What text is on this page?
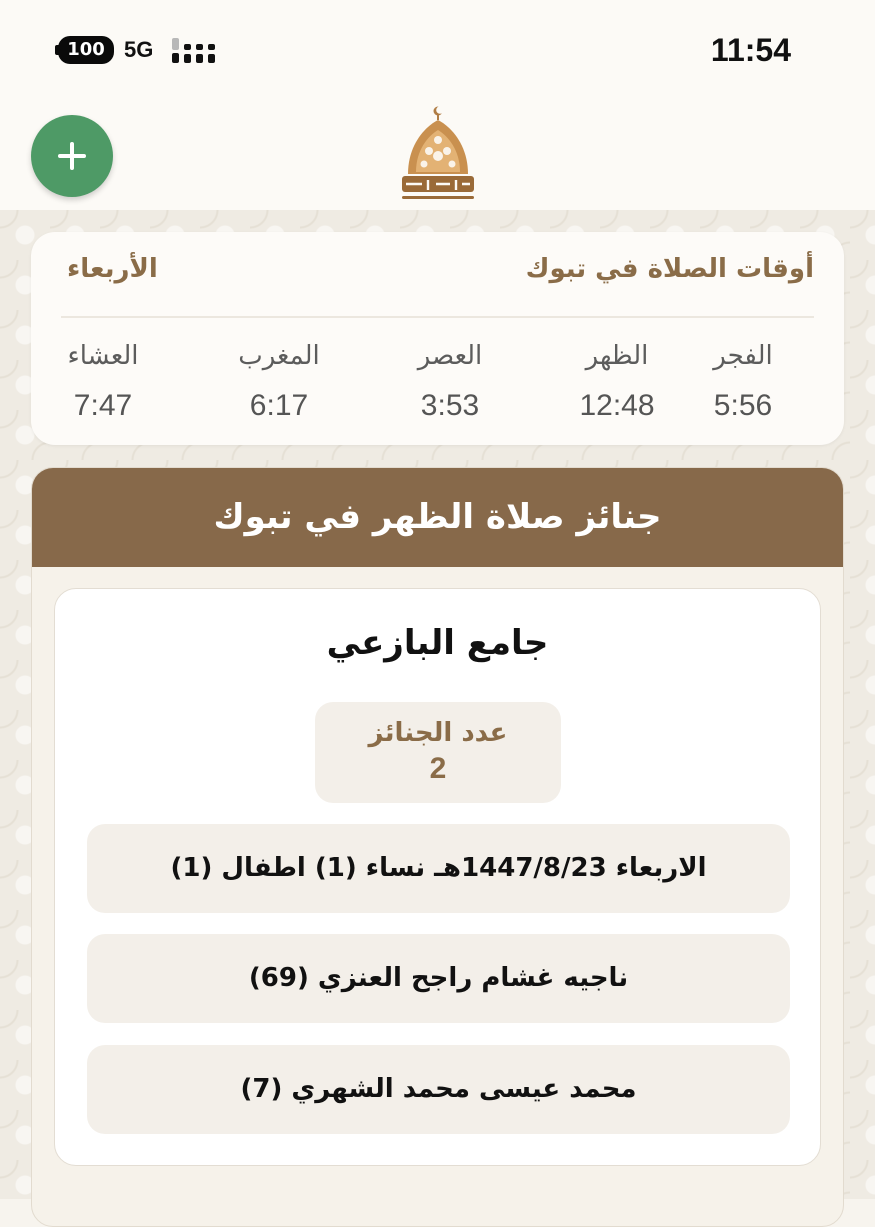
100 5G	11:54
أوقات الصلاة في تبوك
الأربعاء
الفجر
5:56
الظهر
12:48
العصر
3:53
المغرب
6:17
العشاء
7:47
جنائز صلاة الظهر في تبوك
جامع البازعي
عدد الجنائز
2
الاربعاء 1447/8/23هـ نساء (1) اطفال (1)
ناجيه غشام راجح العنزي (69)
محمد عيسى محمد الشهري (7)
